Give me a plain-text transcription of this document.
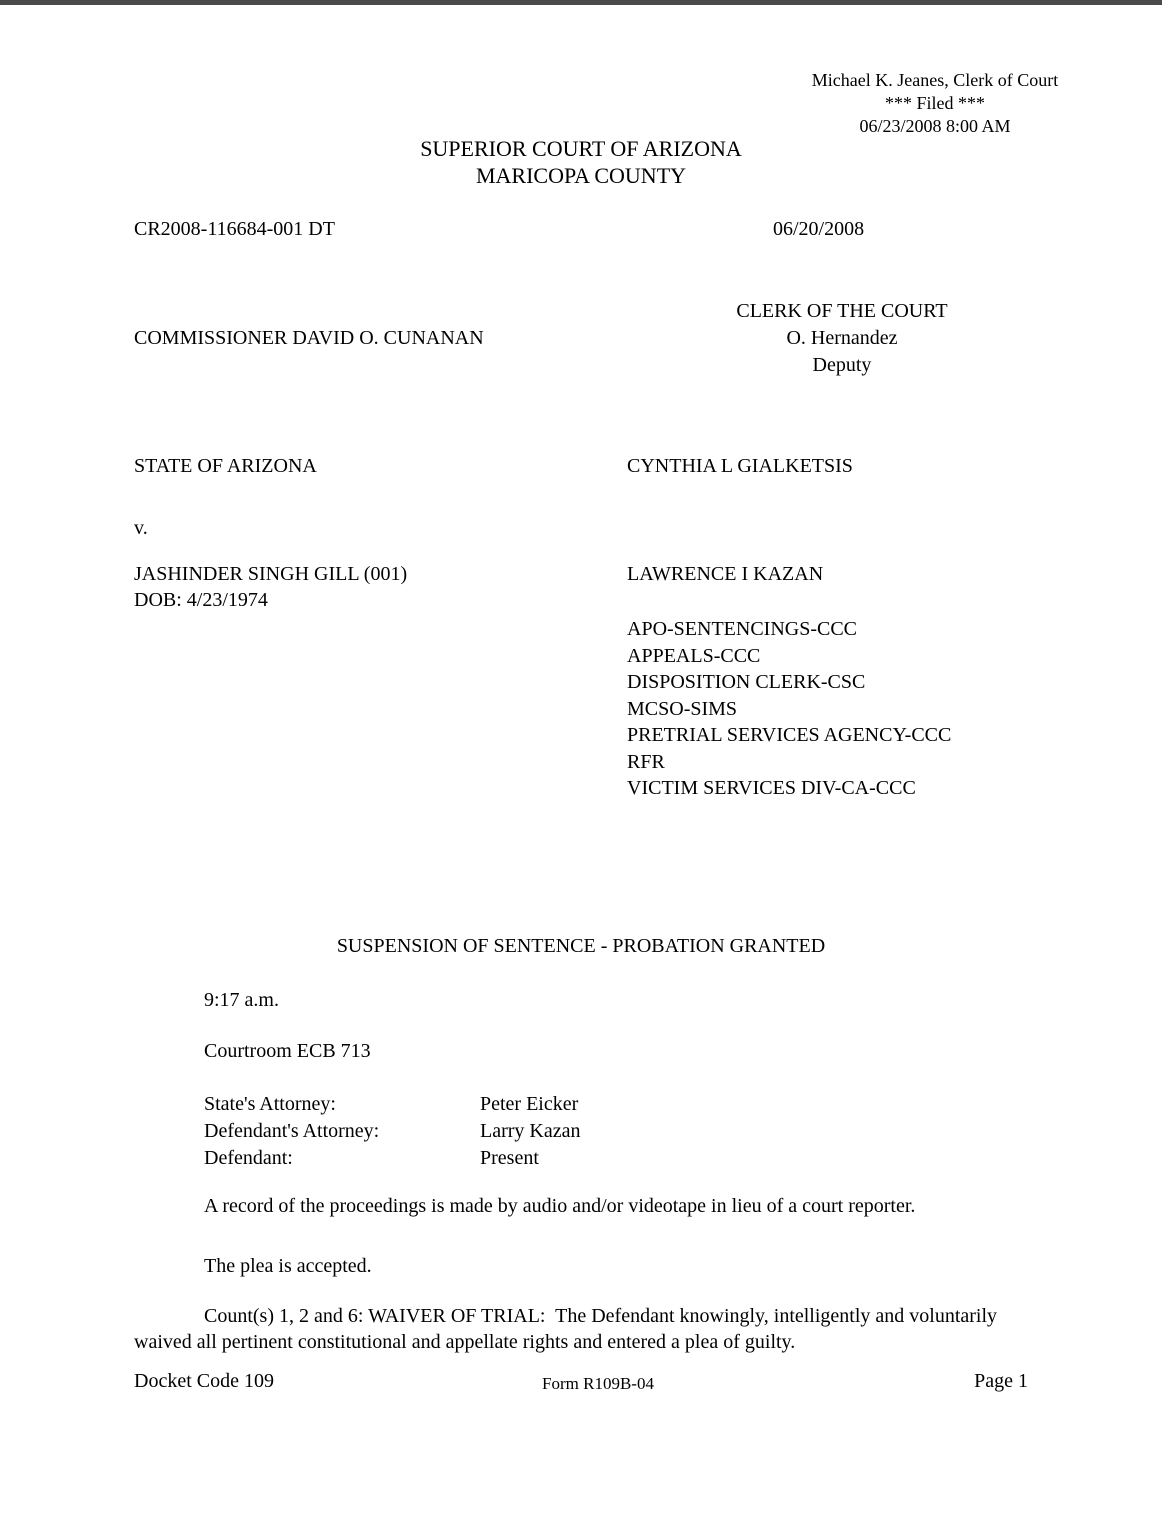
Michael K. Jeanes, Clerk of Court
*** Filed ***
06/23/2008 8:00 AM
SUPERIOR COURT OF ARIZONA
MARICOPA COUNTY
CR2008-116684-001 DT	06/20/2008
CLERK OF THE COURT
O. Hernandez
Deputy
COMMISSIONER DAVID O. CUNANAN
STATE OF ARIZONA	CYNTHIA L GIALKETSIS
v.
JASHINDER SINGH GILL (001)
DOB: 4/23/1974
LAWRENCE I KAZAN
APO-SENTENCINGS-CCC
APPEALS-CCC
DISPOSITION CLERK-CSC
MCSO-SIMS
PRETRIAL SERVICES AGENCY-CCC
RFR
VICTIM SERVICES DIV-CA-CCC
SUSPENSION OF SENTENCE - PROBATION GRANTED
9:17 a.m.
Courtroom ECB 713
State's Attorney:	Peter Eicker
Defendant's Attorney:	Larry Kazan
Defendant:	Present
A record of the proceedings is made by audio and/or videotape in lieu of a court reporter.
The plea is accepted.
Count(s) 1, 2 and 6: WAIVER OF TRIAL:  The Defendant knowingly, intelligently and voluntarily waived all pertinent constitutional and appellate rights and entered a plea of guilty.
Docket Code 109	Form R109B-04	Page 1
